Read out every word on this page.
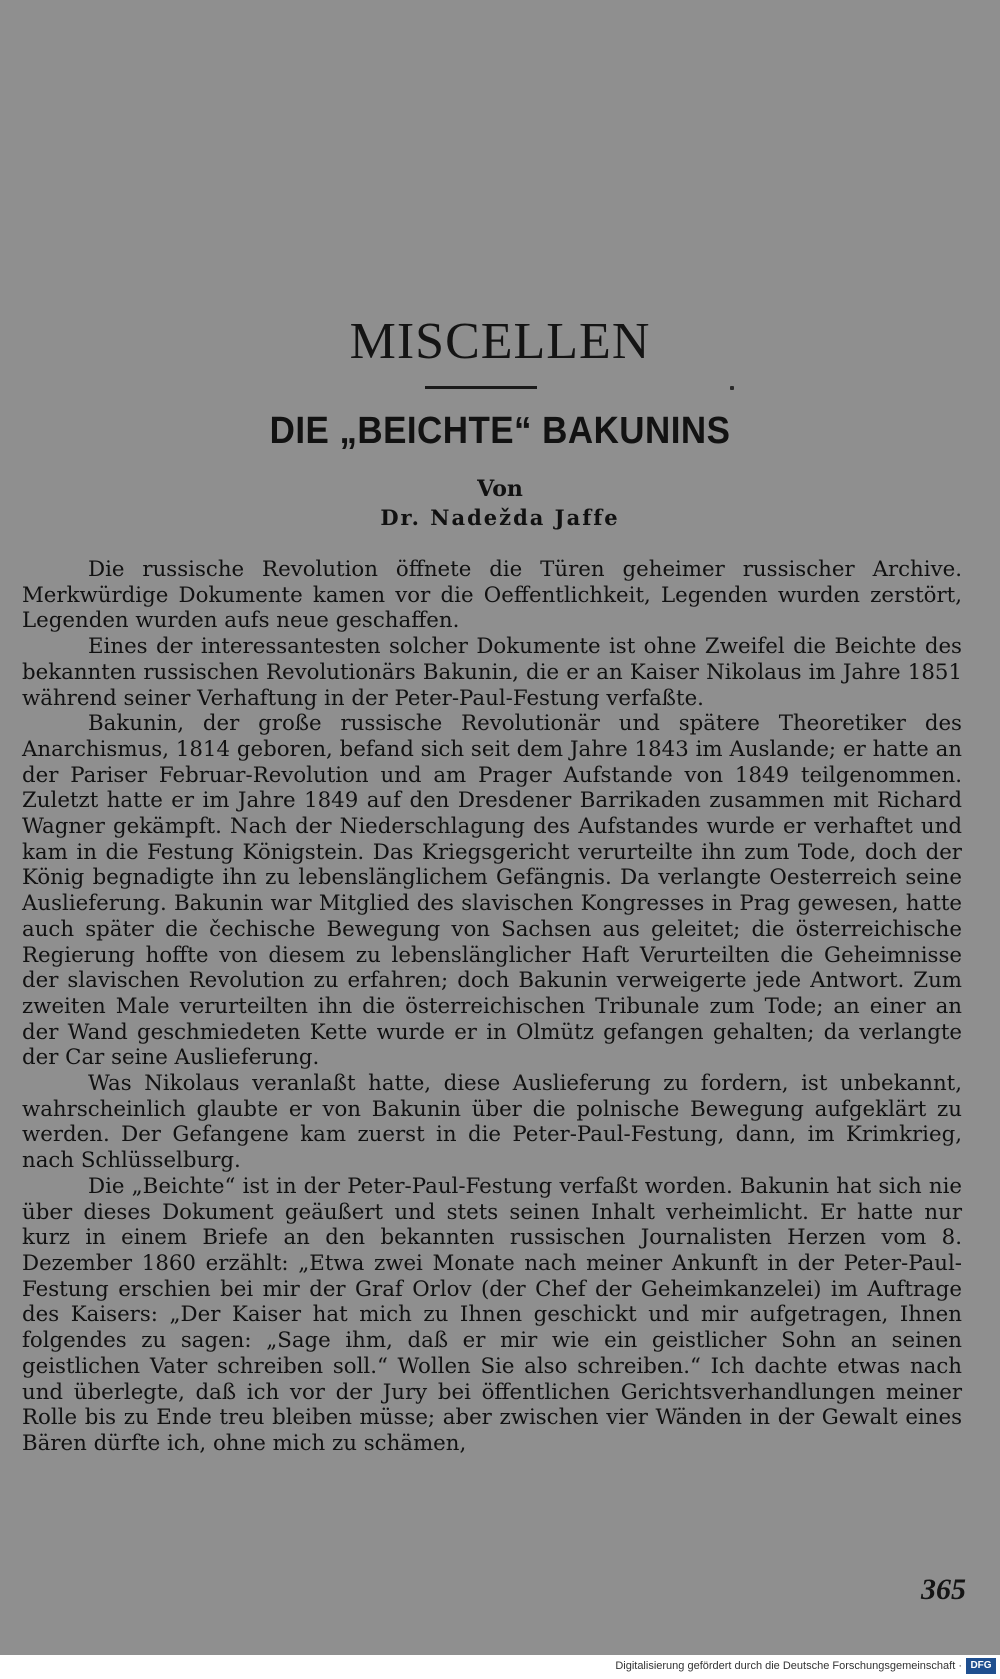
MISCELLEN
DIE „BEICHTE“ BAKUNINS
Von
Dr. Nadežda Jaffe

Die russische Revolution öffnete die Türen geheimer russischer Archive. Merkwürdige Dokumente kamen vor die Oeffentlichkeit, Legenden wurden zerstört, Legenden wurden aufs neue geschaffen.

Eines der interessantesten solcher Dokumente ist ohne Zweifel die Beichte des bekannten russischen Revolutionärs Bakunin, die er an Kaiser Nikolaus im Jahre 1851 während seiner Verhaftung in der Peter-Paul-Festung verfaßte.

Bakunin, der große russische Revolutionär und spätere Theoretiker des Anarchismus, 1814 geboren, befand sich seit dem Jahre 1843 im Auslande; er hatte an der Pariser Februar-Revolution und am Prager Aufstande von 1849 teilgenommen. Zuletzt hatte er im Jahre 1849 auf den Dresdener Barrikaden zusammen mit Richard Wagner gekämpft. Nach der Niederschlagung des Aufstandes wurde er verhaftet und kam in die Festung Königstein. Das Kriegsgericht verurteilte ihn zum Tode, doch der König begnadigte ihn zu lebenslänglichem Gefängnis. Da verlangte Oesterreich seine Auslieferung. Bakunin war Mitglied des slavischen Kongresses in Prag gewesen, hatte auch später die čechische Bewegung von Sachsen aus geleitet; die österreichische Regierung hoffte von diesem zu lebenslänglicher Haft Verurteilten die Geheimnisse der slavischen Revolution zu erfahren; doch Bakunin verweigerte jede Antwort. Zum zweiten Male verurteilten ihn die österreichischen Tribunale zum Tode; an einer an der Wand geschmiedeten Kette wurde er in Olmütz gefangen gehalten; da verlangte der Car seine Auslieferung.

Was Nikolaus veranlaßt hatte, diese Auslieferung zu fordern, ist unbekannt, wahrscheinlich glaubte er von Bakunin über die polnische Bewegung aufgeklärt zu werden. Der Gefangene kam zuerst in die Peter-Paul-Festung, dann, im Krimkrieg, nach Schlüsselburg.

Die „Beichte“ ist in der Peter-Paul-Festung verfaßt worden. Bakunin hat sich nie über dieses Dokument geäußert und stets seinen Inhalt verheimlicht. Er hatte nur kurz in einem Briefe an den bekannten russischen Journalisten Herzen vom 8. Dezember 1860 erzählt: „Etwa zwei Monate nach meiner Ankunft in der Peter-Paul-Festung erschien bei mir der Graf Orlov (der Chef der Geheimkanzelei) im Auftrage des Kaisers: „Der Kaiser hat mich zu Ihnen geschickt und mir aufgetragen, Ihnen folgendes zu sagen: „Sage ihm, daß er mir wie ein geistlicher Sohn an seinen geistlichen Vater schreiben soll.“ Wollen Sie also schreiben.“ Ich dachte etwas nach und überlegte, daß ich vor der Jury bei öffentlichen Gerichtsverhandlungen meiner Rolle bis zu Ende treu bleiben müsse; aber zwischen vier Wänden in der Gewalt eines Bären dürfte ich, ohne mich zu schämen,

365
Digitalisierung gefördert durch die Deutsche Forschungsgemeinschaft · DFG
